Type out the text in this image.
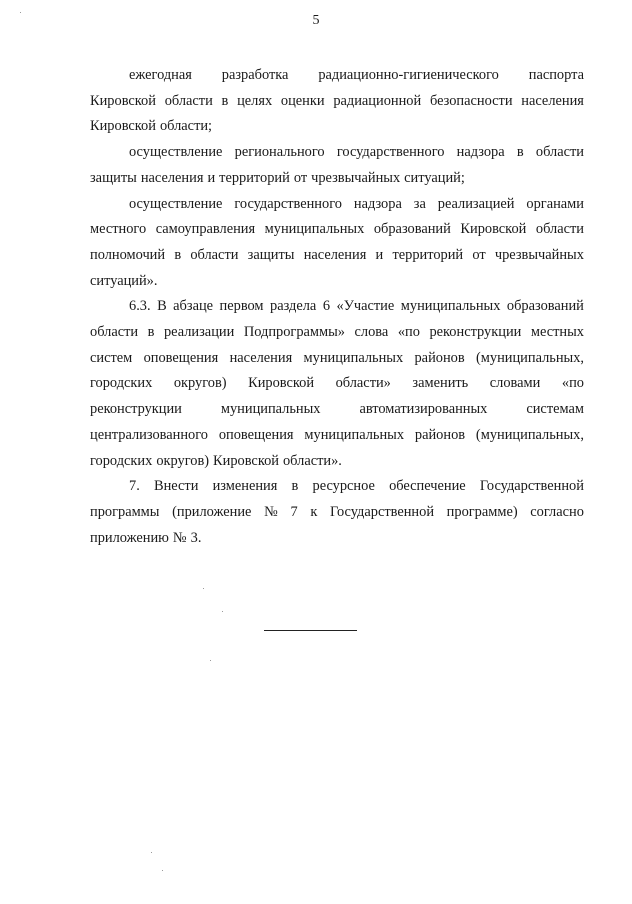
5
ежегодная разработка радиационно-гигиенического паспорта
Кировской области в целях оценки радиационной безопасности населения
Кировской области;
осуществление регионального государственного надзора в области
защиты населения и территорий от чрезвычайных ситуаций;
осуществление государственного надзора за реализацией органами
местного самоуправления муниципальных образований Кировской области
полномочий в области защиты населения и территорий от чрезвычайных
ситуаций».
6.3. В абзаце первом раздела 6 «Участие муниципальных образований
области в реализации Подпрограммы» слова «по реконструкции местных
систем оповещения населения муниципальных районов (муниципальных,
городских округов) Кировской области» заменить словами «по
реконструкции	муниципальных	автоматизированных	системам
централизованного оповещения муниципальных районов (муниципальных,
городских округов) Кировской области».
7. Внести изменения в ресурсное обеспечение Государственной
программы (приложение № 7 к Государственной программе) согласно
приложению № 3.
